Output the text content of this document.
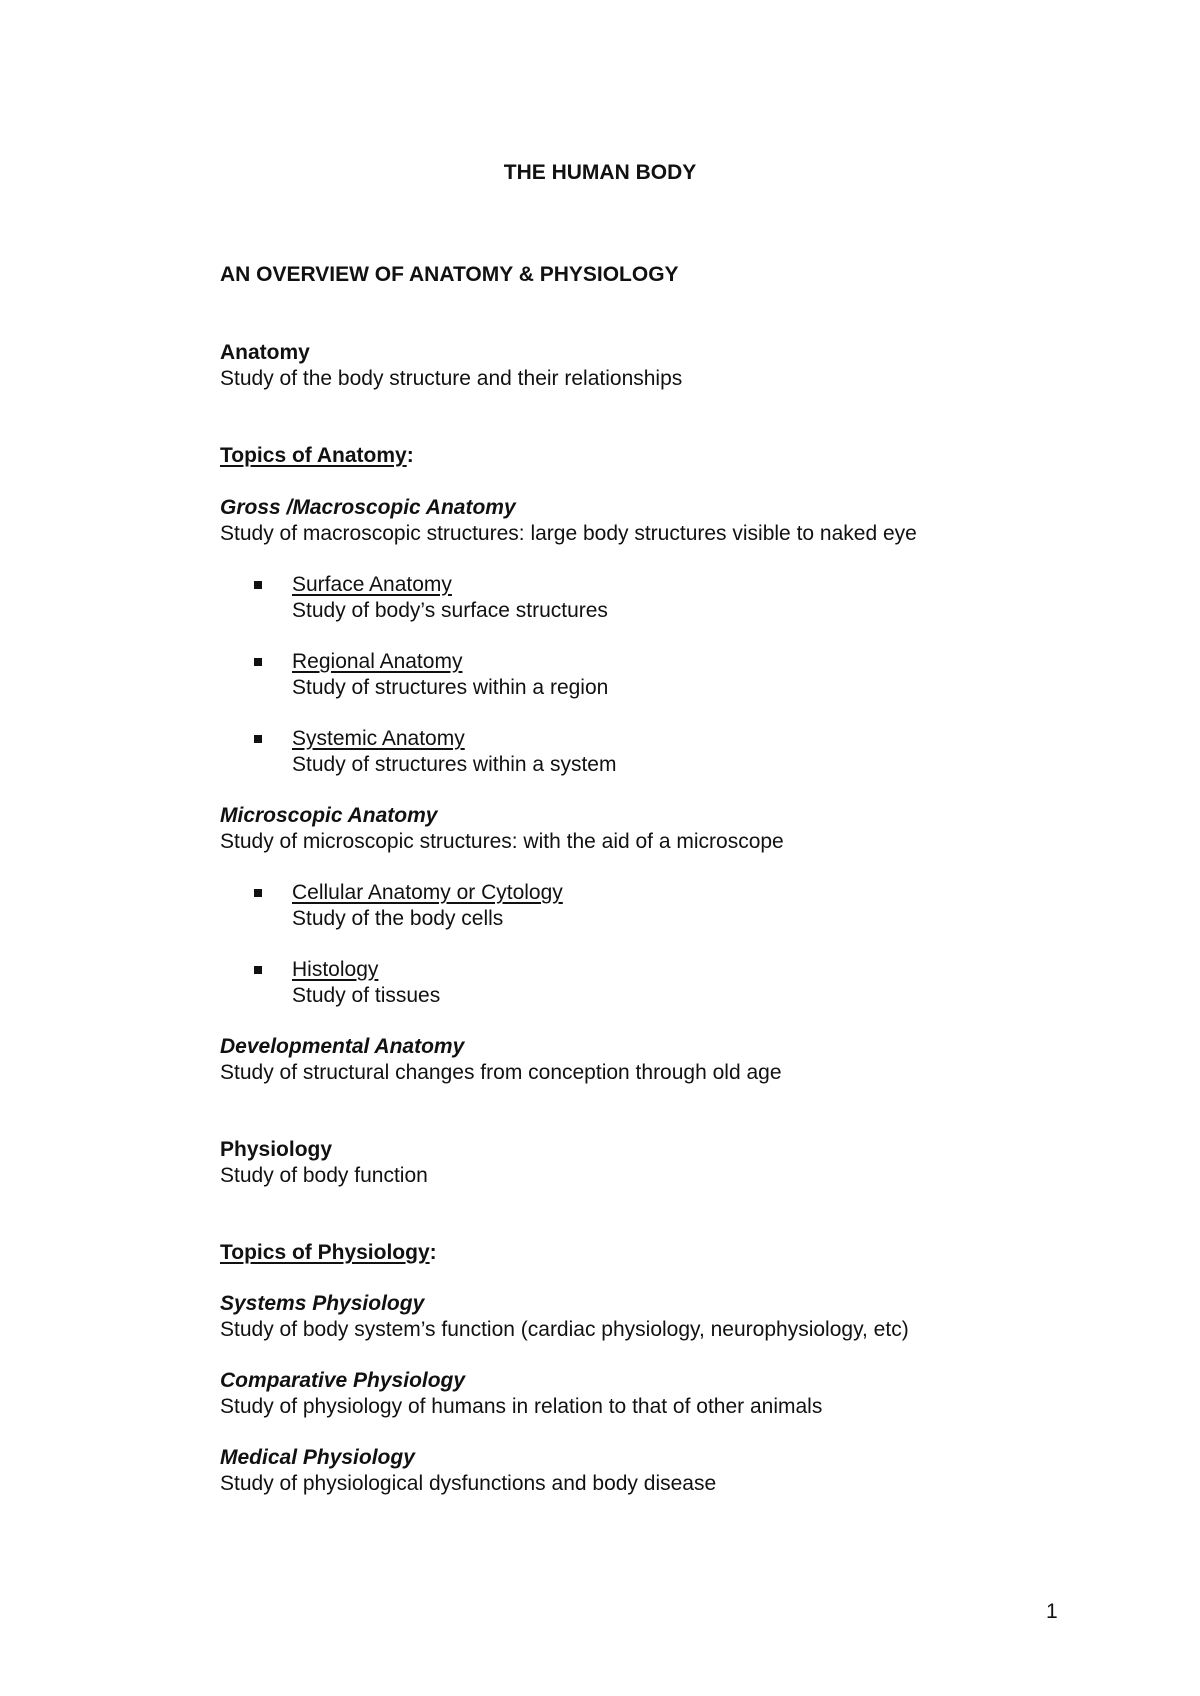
THE HUMAN BODY
AN OVERVIEW OF ANATOMY & PHYSIOLOGY
Anatomy
Study of the body structure and their relationships
Topics of Anatomy:
Gross /Macroscopic Anatomy
Study of macroscopic structures: large body structures visible to naked eye
Surface Anatomy
Study of body’s surface structures
Regional Anatomy
Study of structures within a region
Systemic Anatomy
Study of structures within a system
Microscopic Anatomy
Study of microscopic structures: with the aid of a microscope
Cellular Anatomy or Cytology
Study of the body cells
Histology
Study of tissues
Developmental Anatomy
Study of structural changes from conception through old age
Physiology
Study of body function
Topics of Physiology:
Systems Physiology
Study of body system’s function (cardiac physiology, neurophysiology, etc)
Comparative Physiology
Study of physiology of humans in relation to that of other animals
Medical Physiology
Study of physiological dysfunctions and body disease
1
